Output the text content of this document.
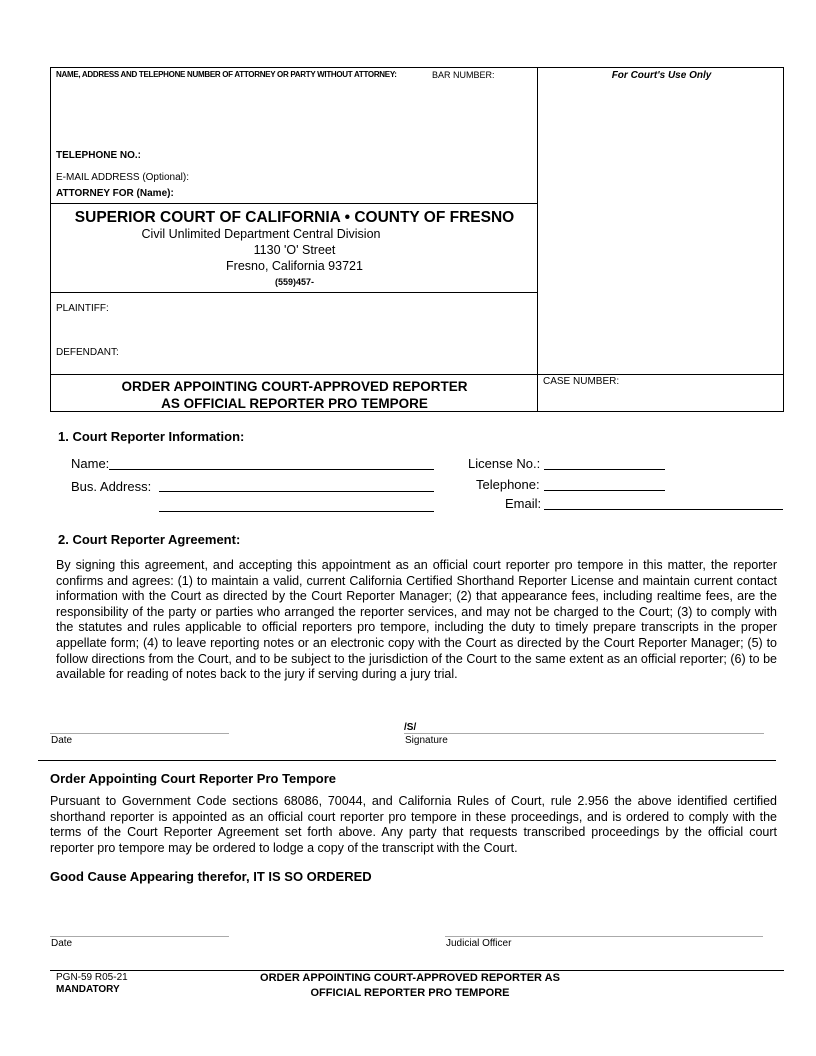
NAME, ADDRESS AND TELEPHONE NUMBER OF ATTORNEY OR PARTY WITHOUT ATTORNEY:	BAR NUMBER:	For Court's Use Only
TELEPHONE NO.:
E-MAIL ADDRESS (Optional):
ATTORNEY FOR (Name):
SUPERIOR COURT OF CALIFORNIA • COUNTY OF FRESNO
Civil Unlimited Department Central Division
1130 'O' Street
Fresno, California 93721
(559)457-
PLAINTIFF:
DEFENDANT:
ORDER APPOINTING COURT-APPROVED REPORTER
AS OFFICIAL REPORTER PRO TEMPORE
CASE NUMBER:
1. Court Reporter Information:
Name:	License No.:
Bus. Address:	Telephone:
Email:
2. Court Reporter Agreement:
By signing this agreement, and accepting this appointment as an official court reporter pro tempore in this matter, the reporter confirms and agrees: (1) to maintain a valid, current California Certified Shorthand Reporter License and maintain current contact information with the Court as directed by the Court Reporter Manager; (2) that appearance fees, including realtime fees, are the responsibility of the party or parties who arranged the reporter services, and may not be charged to the Court; (3) to comply with the statutes and rules applicable to official reporters pro tempore, including the duty to timely prepare transcripts in the proper appellate form; (4) to leave reporting notes or an electronic copy with the Court as directed by the Court Reporter Manager; (5) to follow directions from the Court, and to be subject to the jurisdiction of the Court to the same extent as an official reporter; (6) to be available for reading of notes back to the jury if serving during a jury trial.
Date
/S/
Signature
Order Appointing Court Reporter Pro Tempore
Pursuant to Government Code sections 68086, 70044, and California Rules of Court, rule 2.956 the above identified certified shorthand reporter is appointed as an official court reporter pro tempore in these proceedings, and is ordered to comply with the terms of the Court Reporter Agreement set forth above. Any party that requests transcribed proceedings by the official court reporter pro tempore may be ordered to lodge a copy of the transcript with the Court.
Good Cause Appearing therefor, IT IS SO ORDERED
Date	Judicial Officer
PGN-59 R05-21
MANDATORY
ORDER APPOINTING COURT-APPROVED REPORTER AS
OFFICIAL REPORTER PRO TEMPORE
